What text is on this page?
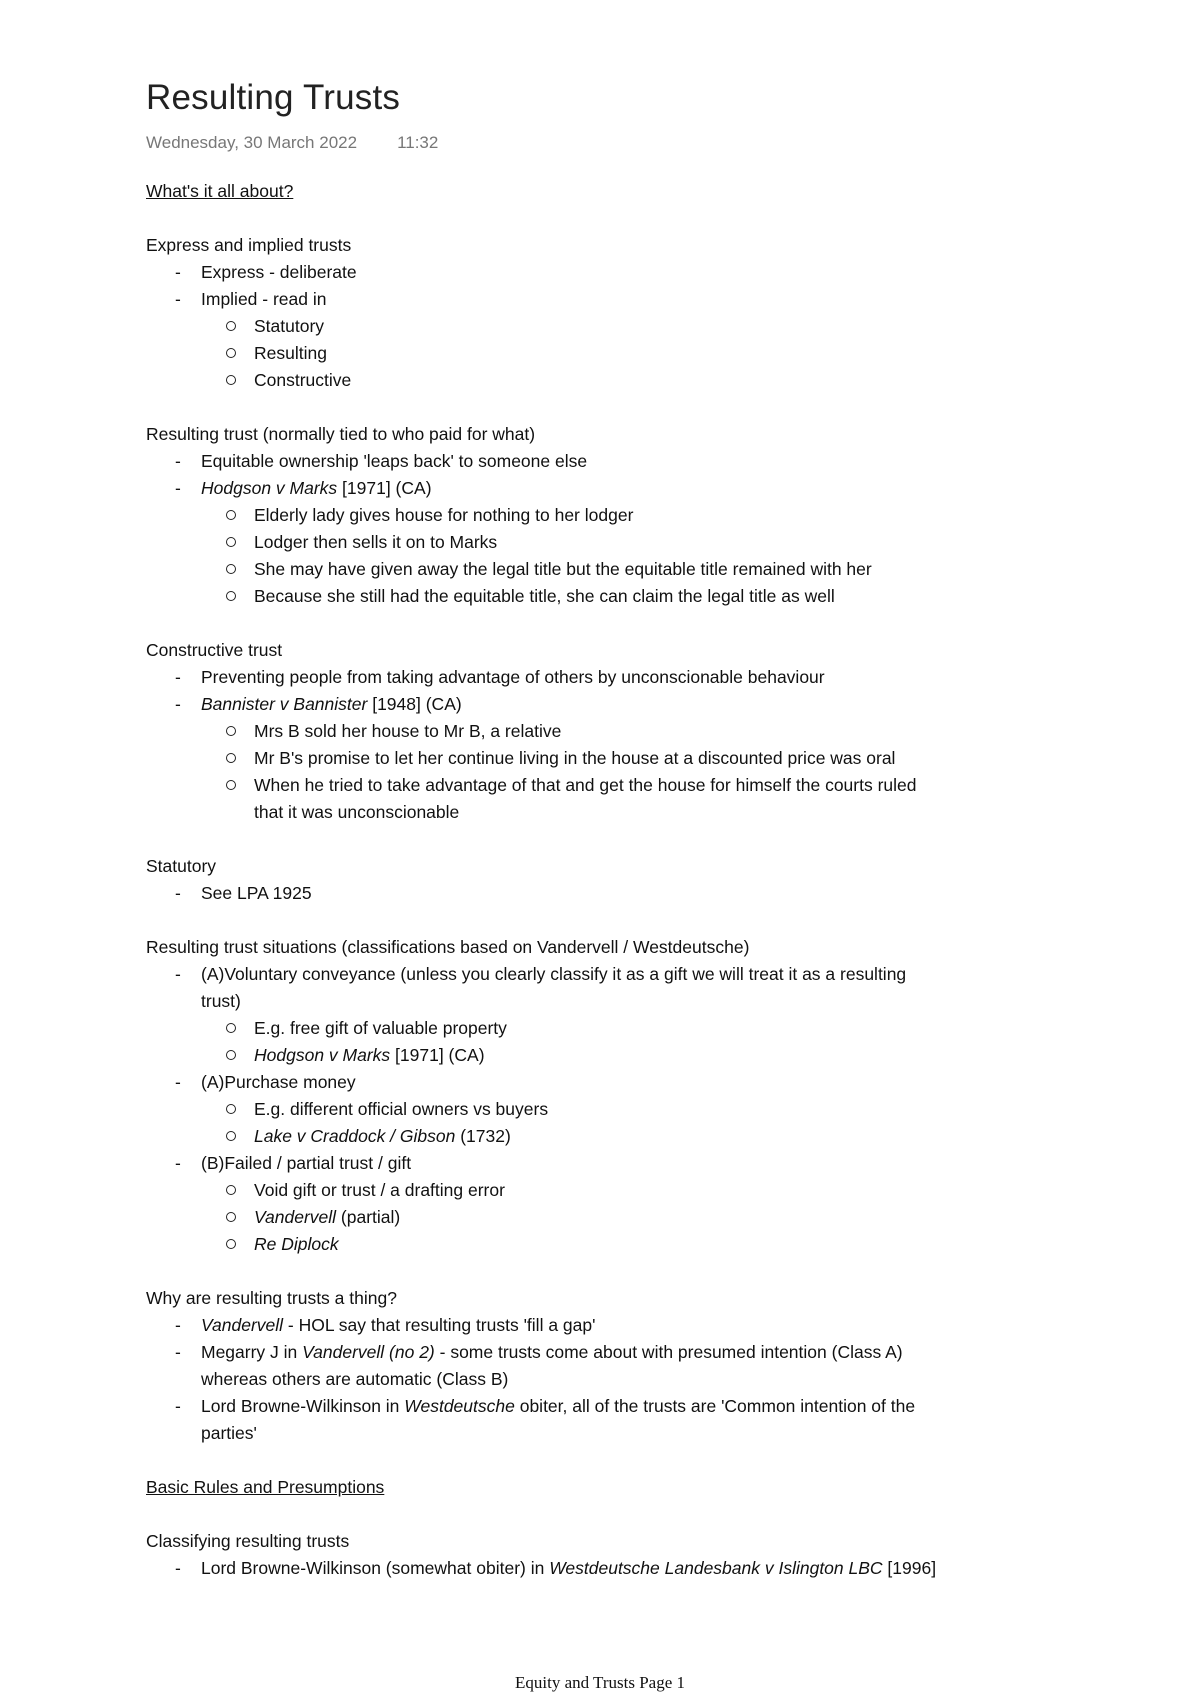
Resulting Trusts
Wednesday, 30 March 2022 11:32
What's it all about?
Express and implied trusts
- Express - deliberate
- Implied - read in
Statutory
Resulting
Constructive
Resulting trust (normally tied to who paid for what)
- Equitable ownership 'leaps back' to someone else
- Hodgson v Marks [1971] (CA)
Elderly lady gives house for nothing to her lodger
Lodger then sells it on to Marks
She may have given away the legal title but the equitable title remained with her
Because she still had the equitable title, she can claim the legal title as well
Constructive trust
- Preventing people from taking advantage of others by unconscionable behaviour
- Bannister v Bannister [1948] (CA)
Mrs B sold her house to Mr B, a relative
Mr B's promise to let her continue living in the house at a discounted price was oral
When he tried to take advantage of that and get the house for himself the courts ruled
that it was unconscionable
Statutory
- See LPA 1925
Resulting trust situations (classifications based on Vandervell / Westdeutsche)
- (A)Voluntary conveyance (unless you clearly classify it as a gift we will treat it as a resulting
trust)
E.g. free gift of valuable property
Hodgson v Marks [1971] (CA)
- (A)Purchase money
E.g. different official owners vs buyers
Lake v Craddock / Gibson (1732)
- (B)Failed / partial trust / gift
Void gift or trust / a drafting error
Vandervell (partial)
Re Diplock
Why are resulting trusts a thing?
- Vandervell - HOL say that resulting trusts 'fill a gap'
- Megarry J in Vandervell (no 2) - some trusts come about with presumed intention (Class A)
whereas others are automatic (Class B)
- Lord Browne-Wilkinson in Westdeutsche obiter, all of the trusts are 'Common intention of the
parties'
Basic Rules and Presumptions
Classifying resulting trusts
- Lord Browne-Wilkinson (somewhat obiter) in Westdeutsche Landesbank v Islington LBC [1996]
Equity and Trusts Page 1
